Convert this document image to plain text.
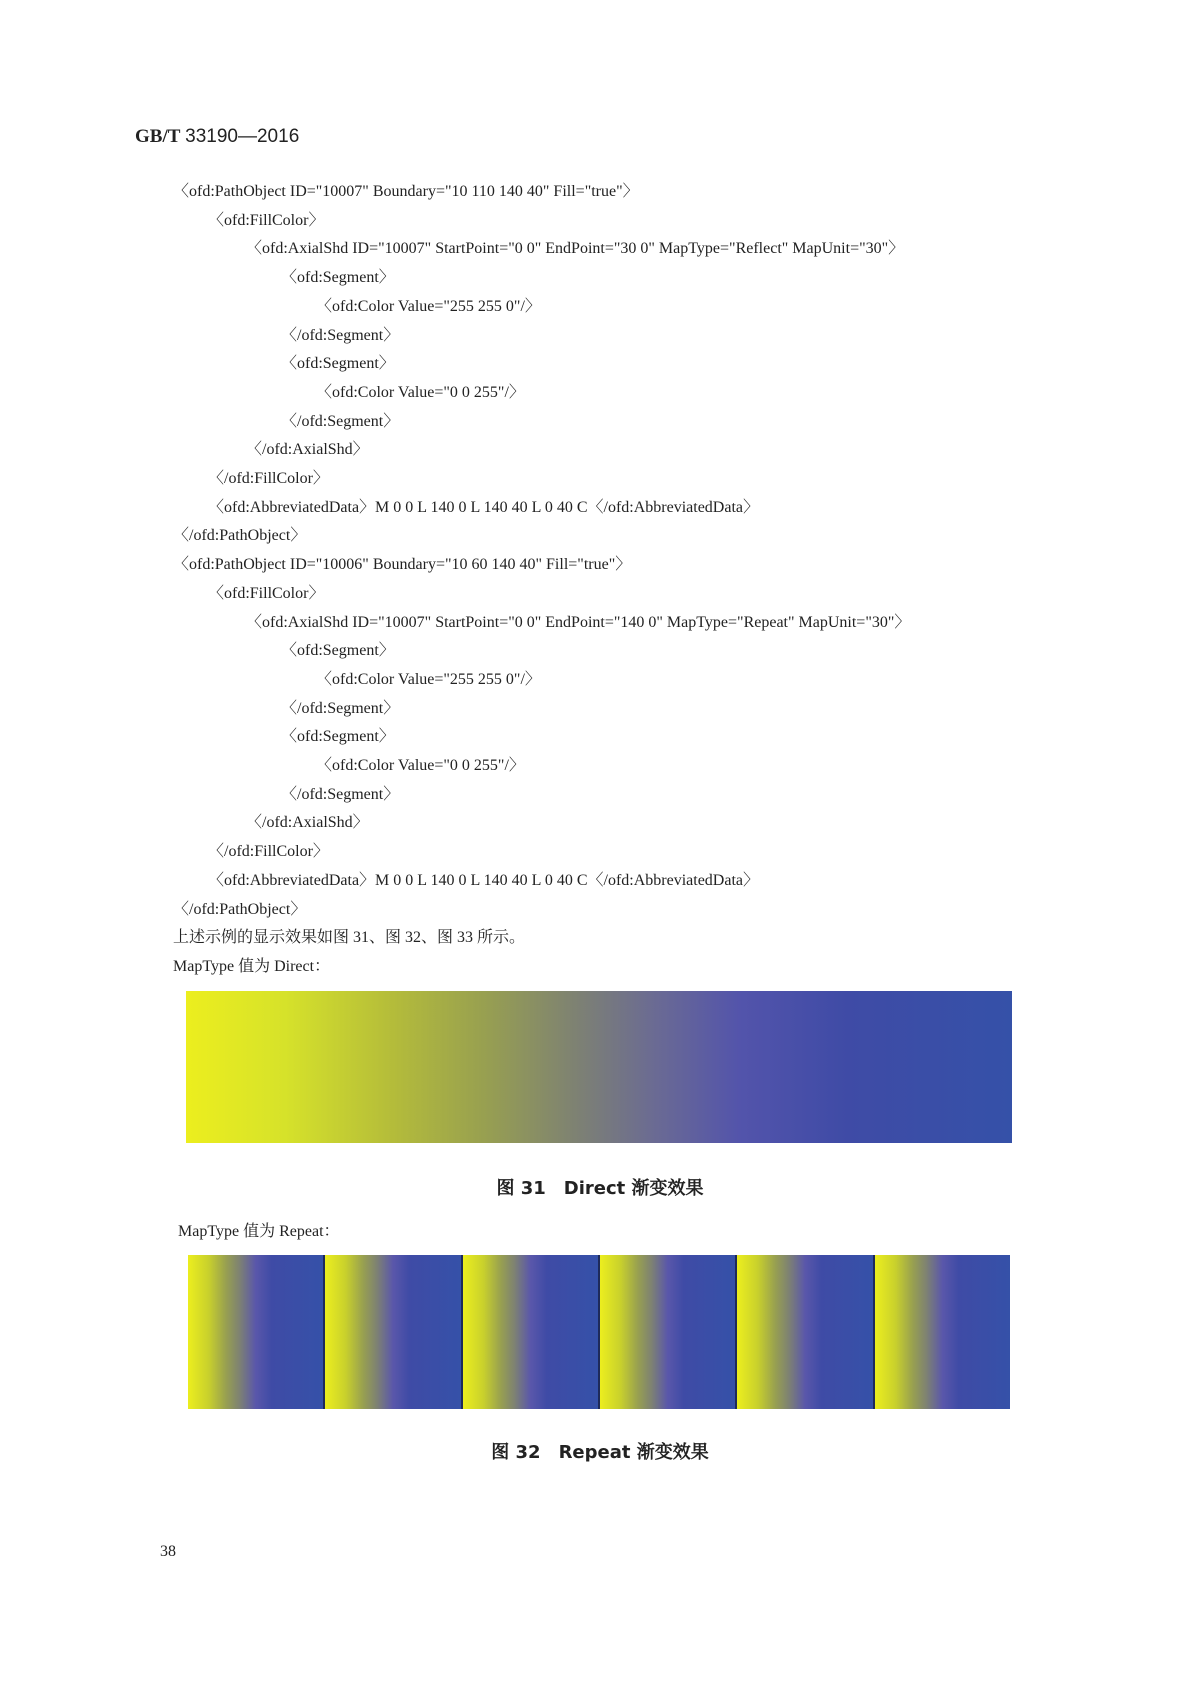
GB/T 33190—2016
〈ofd:PathObject ID="10007" Boundary="10 110 140 40" Fill="true"〉
〈ofd:FillColor〉
〈ofd:AxialShd ID="10007" StartPoint="0 0" EndPoint="30 0" MapType="Reflect" MapUnit="30"〉
〈ofd:Segment〉
〈ofd:Color Value="255 255 0"/〉
〈/ofd:Segment〉
〈ofd:Segment〉
〈ofd:Color Value="0 0 255"/〉
〈/ofd:Segment〉
〈/ofd:AxialShd〉
〈/ofd:FillColor〉
〈ofd:AbbreviatedData〉M 0 0 L 140 0 L 140 40 L 0 40 C〈/ofd:AbbreviatedData〉
〈/ofd:PathObject〉
〈ofd:PathObject ID="10006" Boundary="10 60 140 40" Fill="true"〉
〈ofd:FillColor〉
〈ofd:AxialShd ID="10007" StartPoint="0 0" EndPoint="140 0" MapType="Repeat" MapUnit="30"〉
〈ofd:Segment〉
〈ofd:Color Value="255 255 0"/〉
〈/ofd:Segment〉
〈ofd:Segment〉
〈ofd:Color Value="0 0 255"/〉
〈/ofd:Segment〉
〈/ofd:AxialShd〉
〈/ofd:FillColor〉
〈ofd:AbbreviatedData〉M 0 0 L 140 0 L 140 40 L 0 40 C〈/ofd:AbbreviatedData〉
〈/ofd:PathObject〉
上述示例的显示效果如图 31、图 32、图 33 所示。
MapType 值为 Direct：
图 31　Direct 渐变效果
MapType 值为 Repeat：
图 32　Repeat 渐变效果
38
